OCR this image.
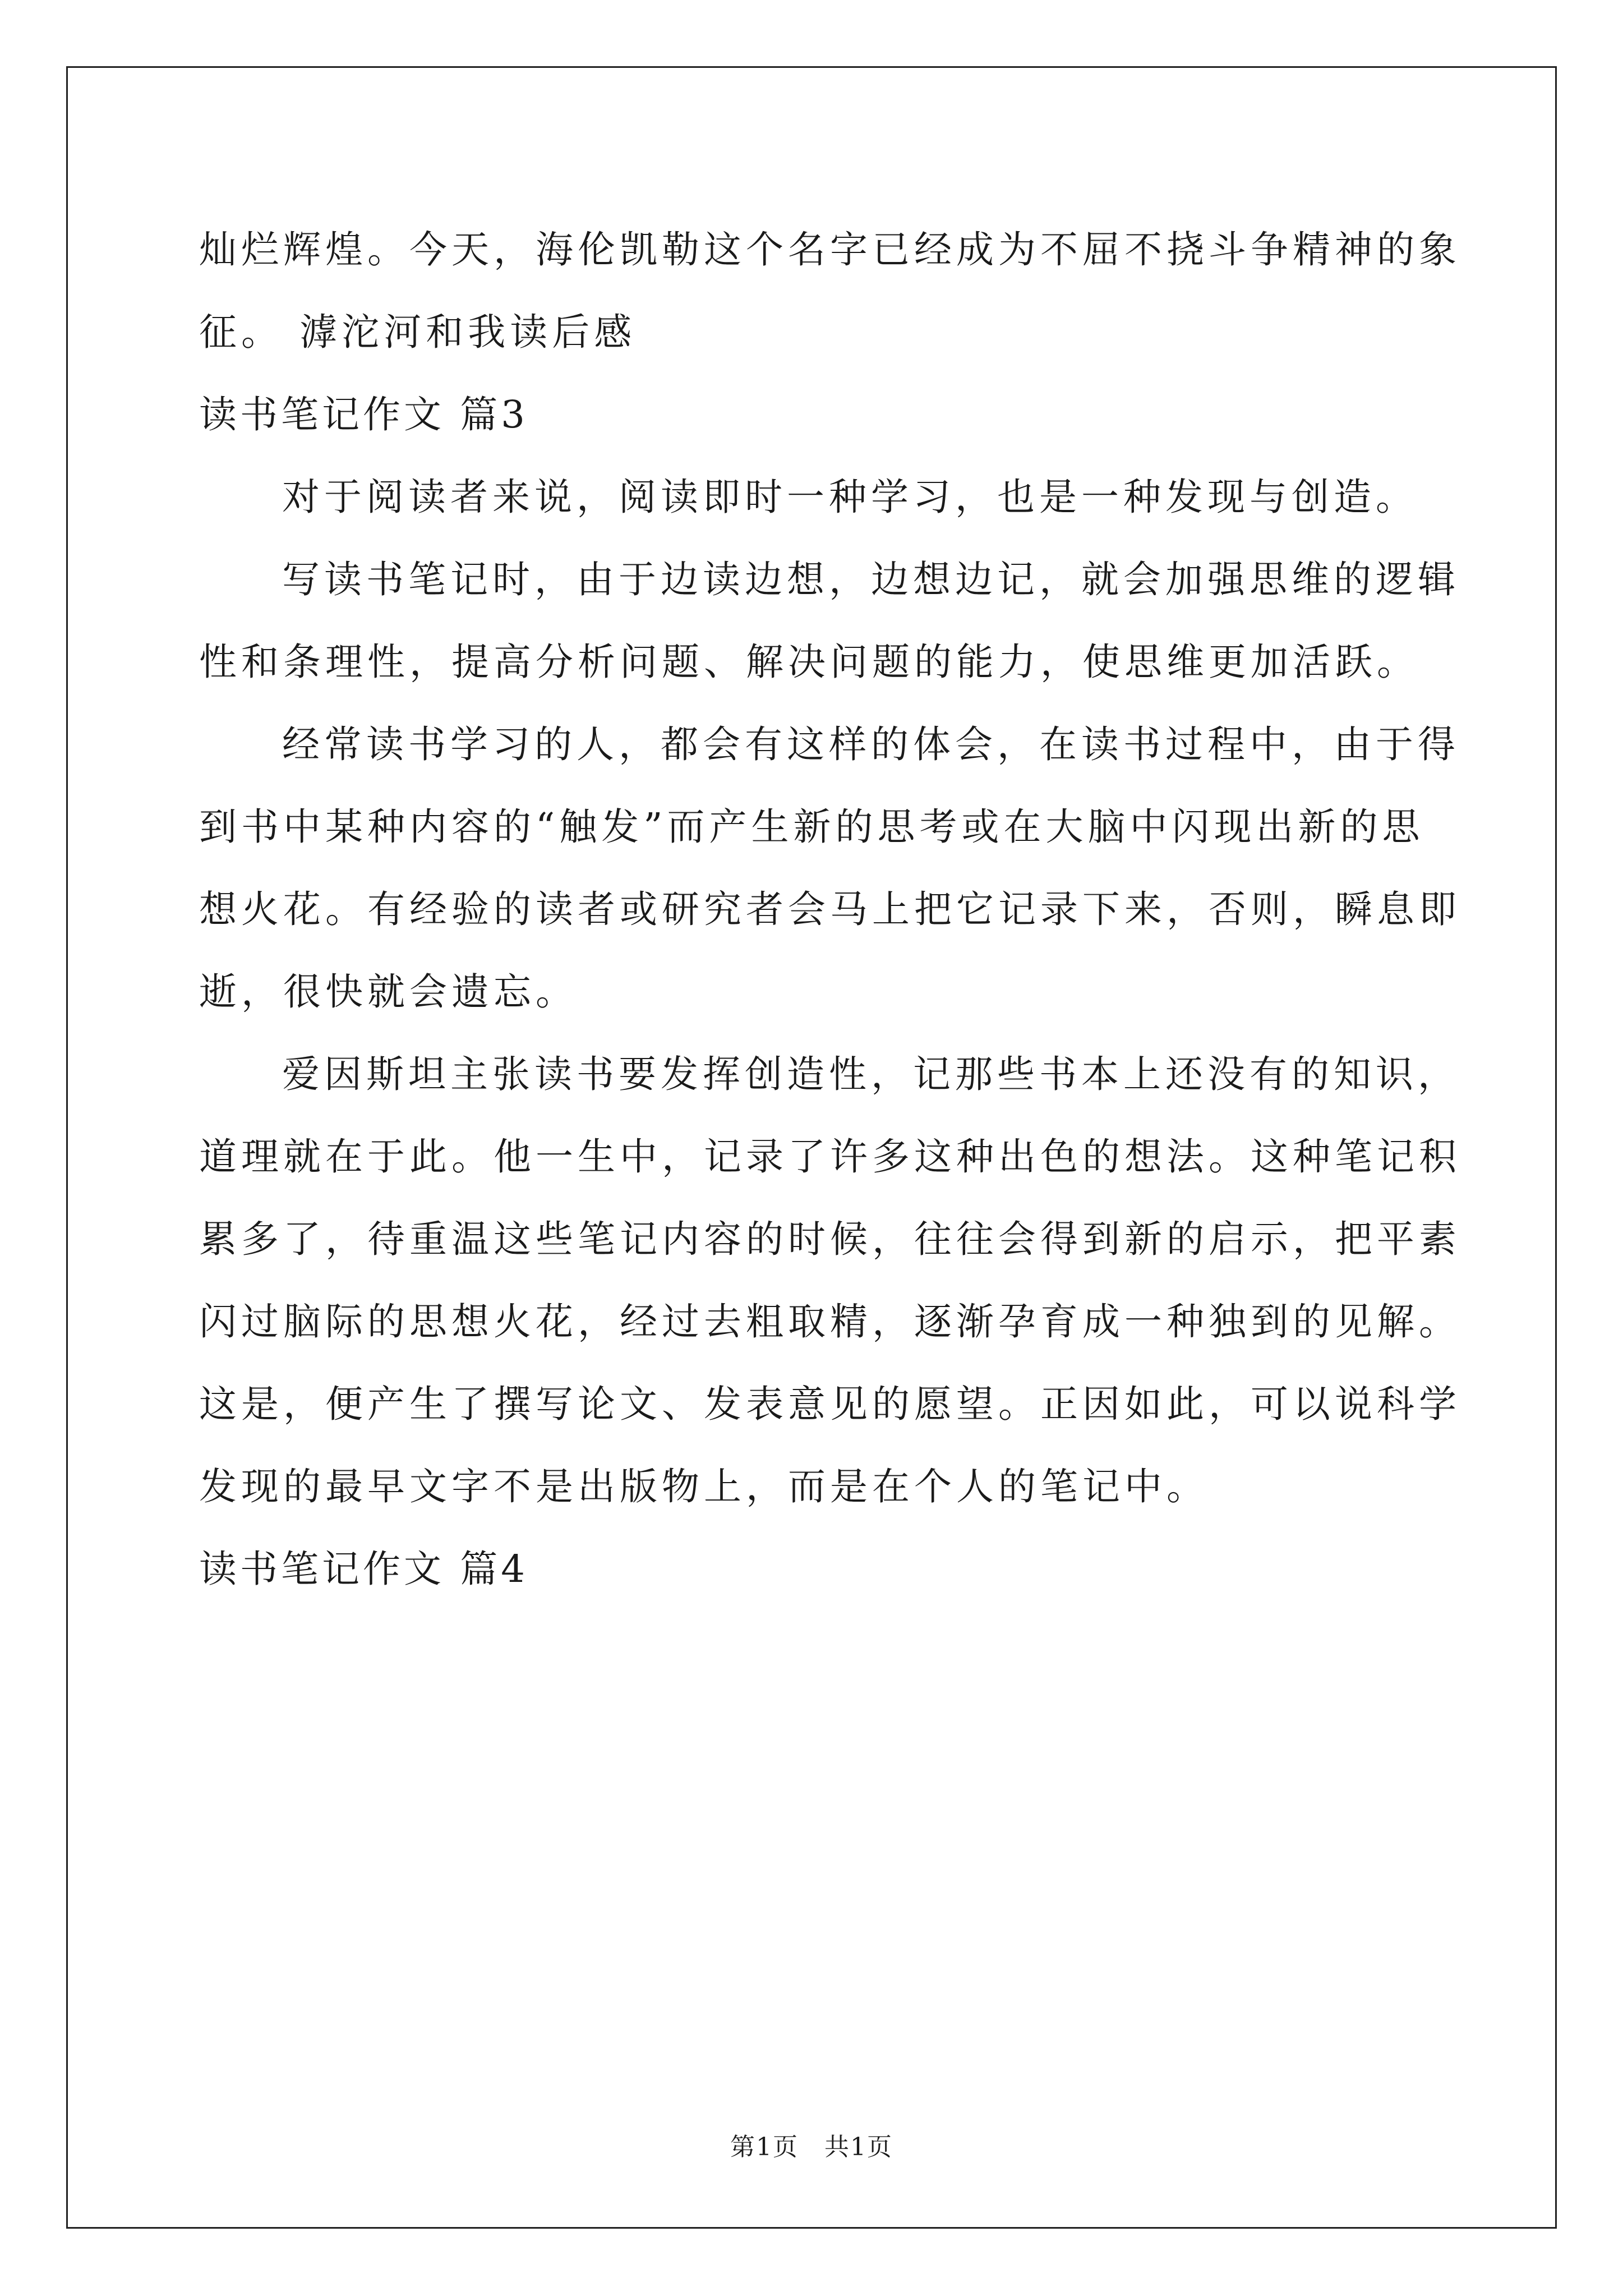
灿烂辉煌。今天，海伦凯勒这个名字已经成为不屈不挠斗争精神的象

征。 滹沱河和我读后感

读书笔记作文 篇3

对于阅读者来说，阅读即时一种学习，也是一种发现与创造。

写读书笔记时，由于边读边想，边想边记，就会加强思维的逻辑

性和条理性，提高分析问题、解决问题的能力，使思维更加活跃。

经常读书学习的人，都会有这样的体会，在读书过程中，由于得

到书中某种内容的“触发”而产生新的思考或在大脑中闪现出新的思

想火花。有经验的读者或研究者会马上把它记录下来，否则，瞬息即

逝，很快就会遗忘。

爱因斯坦主张读书要发挥创造性，记那些书本上还没有的知识，

道理就在于此。他一生中，记录了许多这种出色的想法。这种笔记积

累多了，待重温这些笔记内容的时候，往往会得到新的启示，把平素

闪过脑际的思想火花，经过去粗取精，逐渐孕育成一种独到的见解。

这是，便产生了撰写论文、发表意见的愿望。正因如此，可以说科学

发现的最早文字不是出版物上，而是在个人的笔记中。

读书笔记作文 篇4

第1页 共1页
